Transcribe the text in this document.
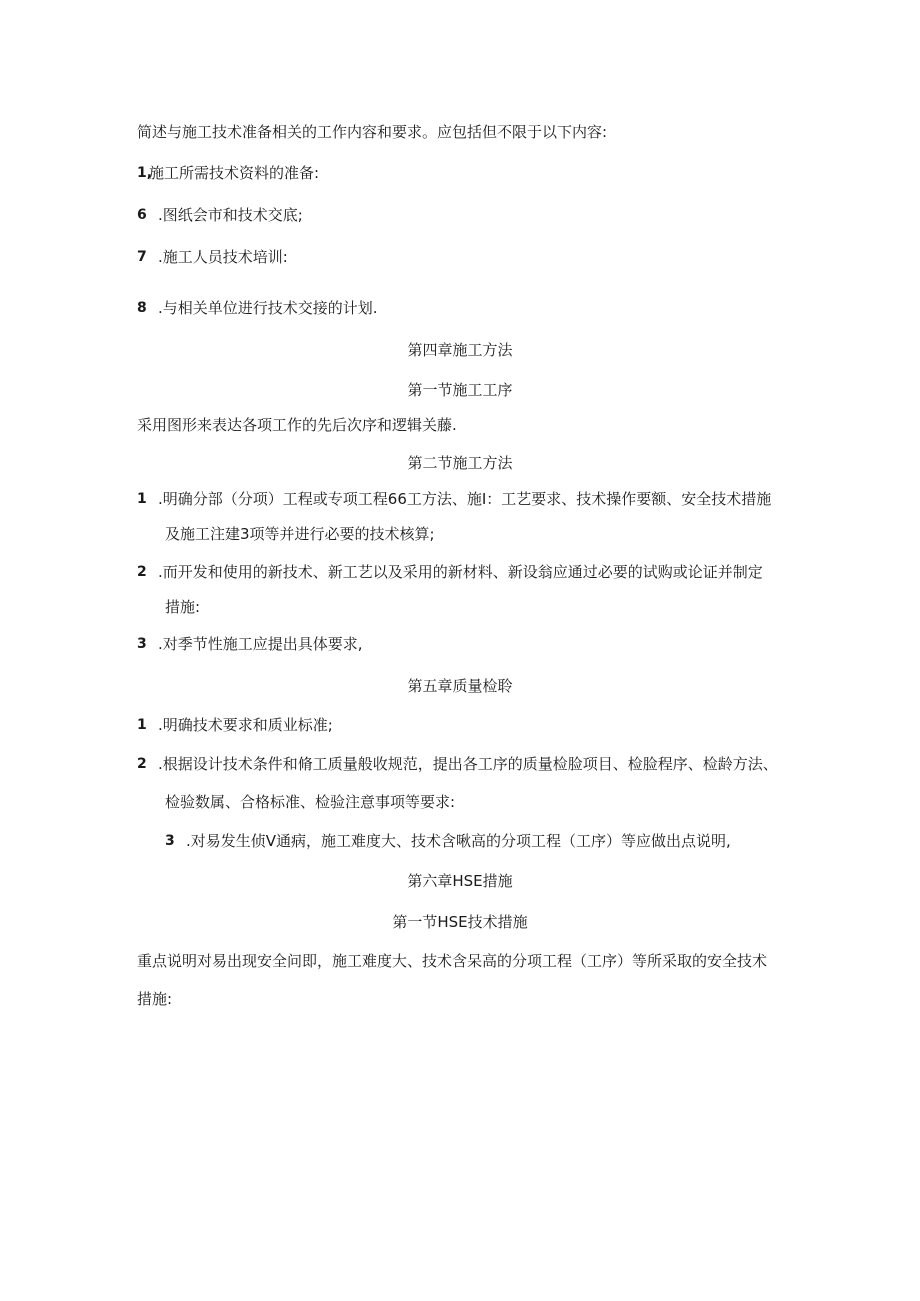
简述与施工技术准备相关的工作内容和要求。应包括但不限于以下内容:
1,
施工所需技术资料的准备:
6 .图纸会市和技术交底;
7 .施工人员技术培训:
8 .与相关单位进行技术交接的计划.
第四章施工方法
第一节施工工序
采用图形来表达各项工作的先后次序和逻辑关藤.
第二节施工方法
1 .明确分部（分项）工程或专项工程66工方法、施I：工艺要求、技术操作要额、安全技术措施
及施工注建3项等并进行必要的技术核算;
2 .而开发和使用的新技术、新工艺以及采用的新材料、新设翁应通过必要的试购或论证并制定
措施:
3 .对季节性施工应提出具体要求,
第五章质量检聆
1 .明确技术要求和质业标准;
2 .根据设计技术条件和脩工质量般收规范，提出各工序的质量检脸项目、检脸程序、检龄方法、
检验数属、合格标准、检验注意事项等要求:
3 .对易发生侦V通病，施工难度大、技术含啾高的分项工程（工序）等应做出点说明,
第六章HSE措施
第一节HSE技术措施
重点说明对易出现安全问即，施工难度大、技术含呆高的分项工程（工序）等所采取的安全技术
措施:
